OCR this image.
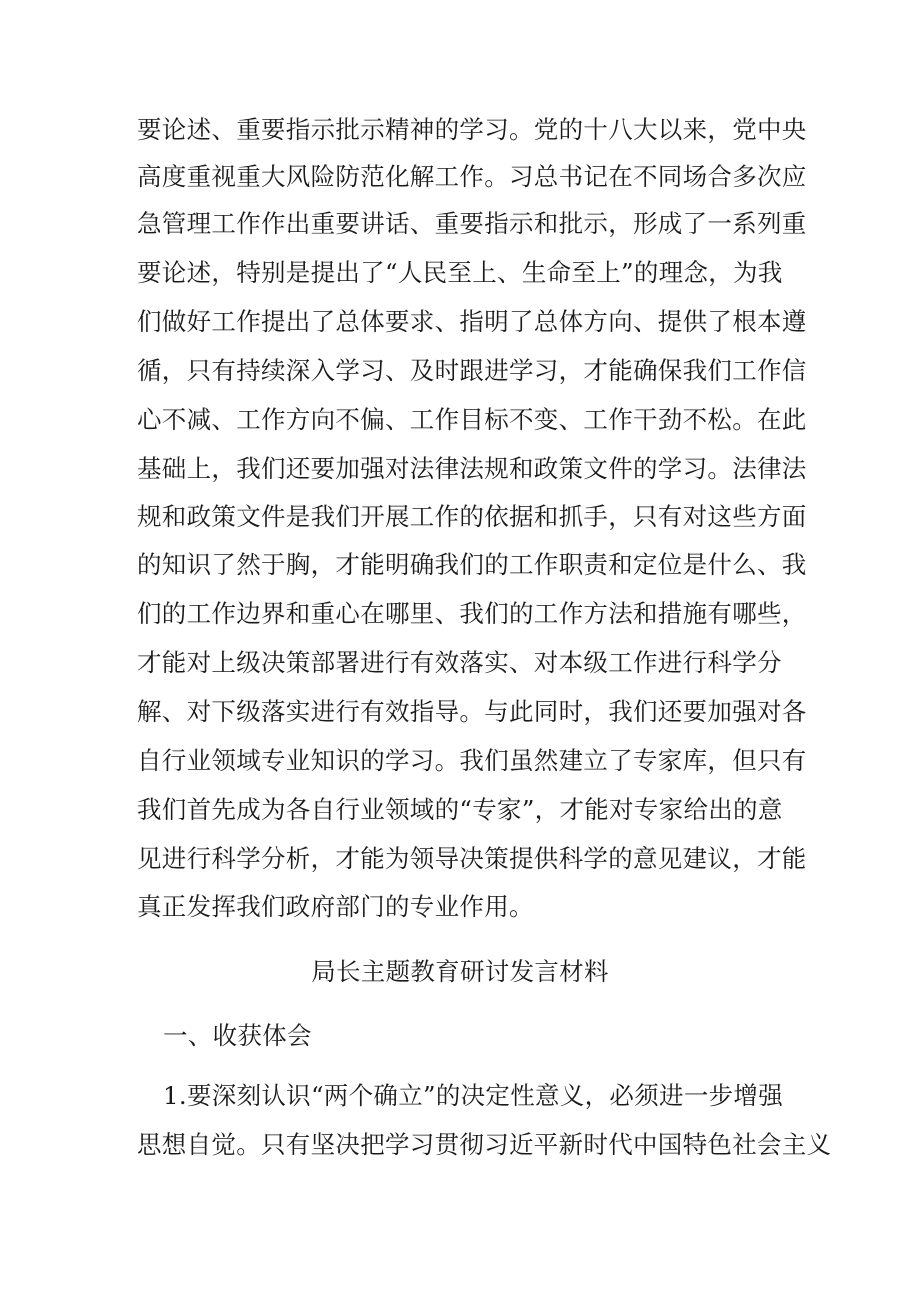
要论述、重要指示批示精神的学习。党的十八大以来，党中央
高度重视重大风险防范化解工作。习总书记在不同场合多次应
急管理工作作出重要讲话、重要指示和批示，形成了一系列重
要论述，特别是提出了“人民至上、生命至上”的理念，为我
们做好工作提出了总体要求、指明了总体方向、提供了根本遵
循，只有持续深入学习、及时跟进学习，才能确保我们工作信
心不减、工作方向不偏、工作目标不变、工作干劲不松。在此
基础上，我们还要加强对法律法规和政策文件的学习。法律法
规和政策文件是我们开展工作的依据和抓手，只有对这些方面
的知识了然于胸，才能明确我们的工作职责和定位是什么、我
们的工作边界和重心在哪里、我们的工作方法和措施有哪些，
才能对上级决策部署进行有效落实、对本级工作进行科学分
解、对下级落实进行有效指导。与此同时，我们还要加强对各
自行业领域专业知识的学习。我们虽然建立了专家库，但只有
我们首先成为各自行业领域的“专家”，才能对专家给出的意
见进行科学分析，才能为领导决策提供科学的意见建议，才能
真正发挥我们政府部门的专业作用。
局长主题教育研讨发言材料
一、收获体会
1.要深刻认识“两个确立”的决定性意义，必须进一步增强
思想自觉。只有坚决把学习贯彻习近平新时代中国特色社会主义
